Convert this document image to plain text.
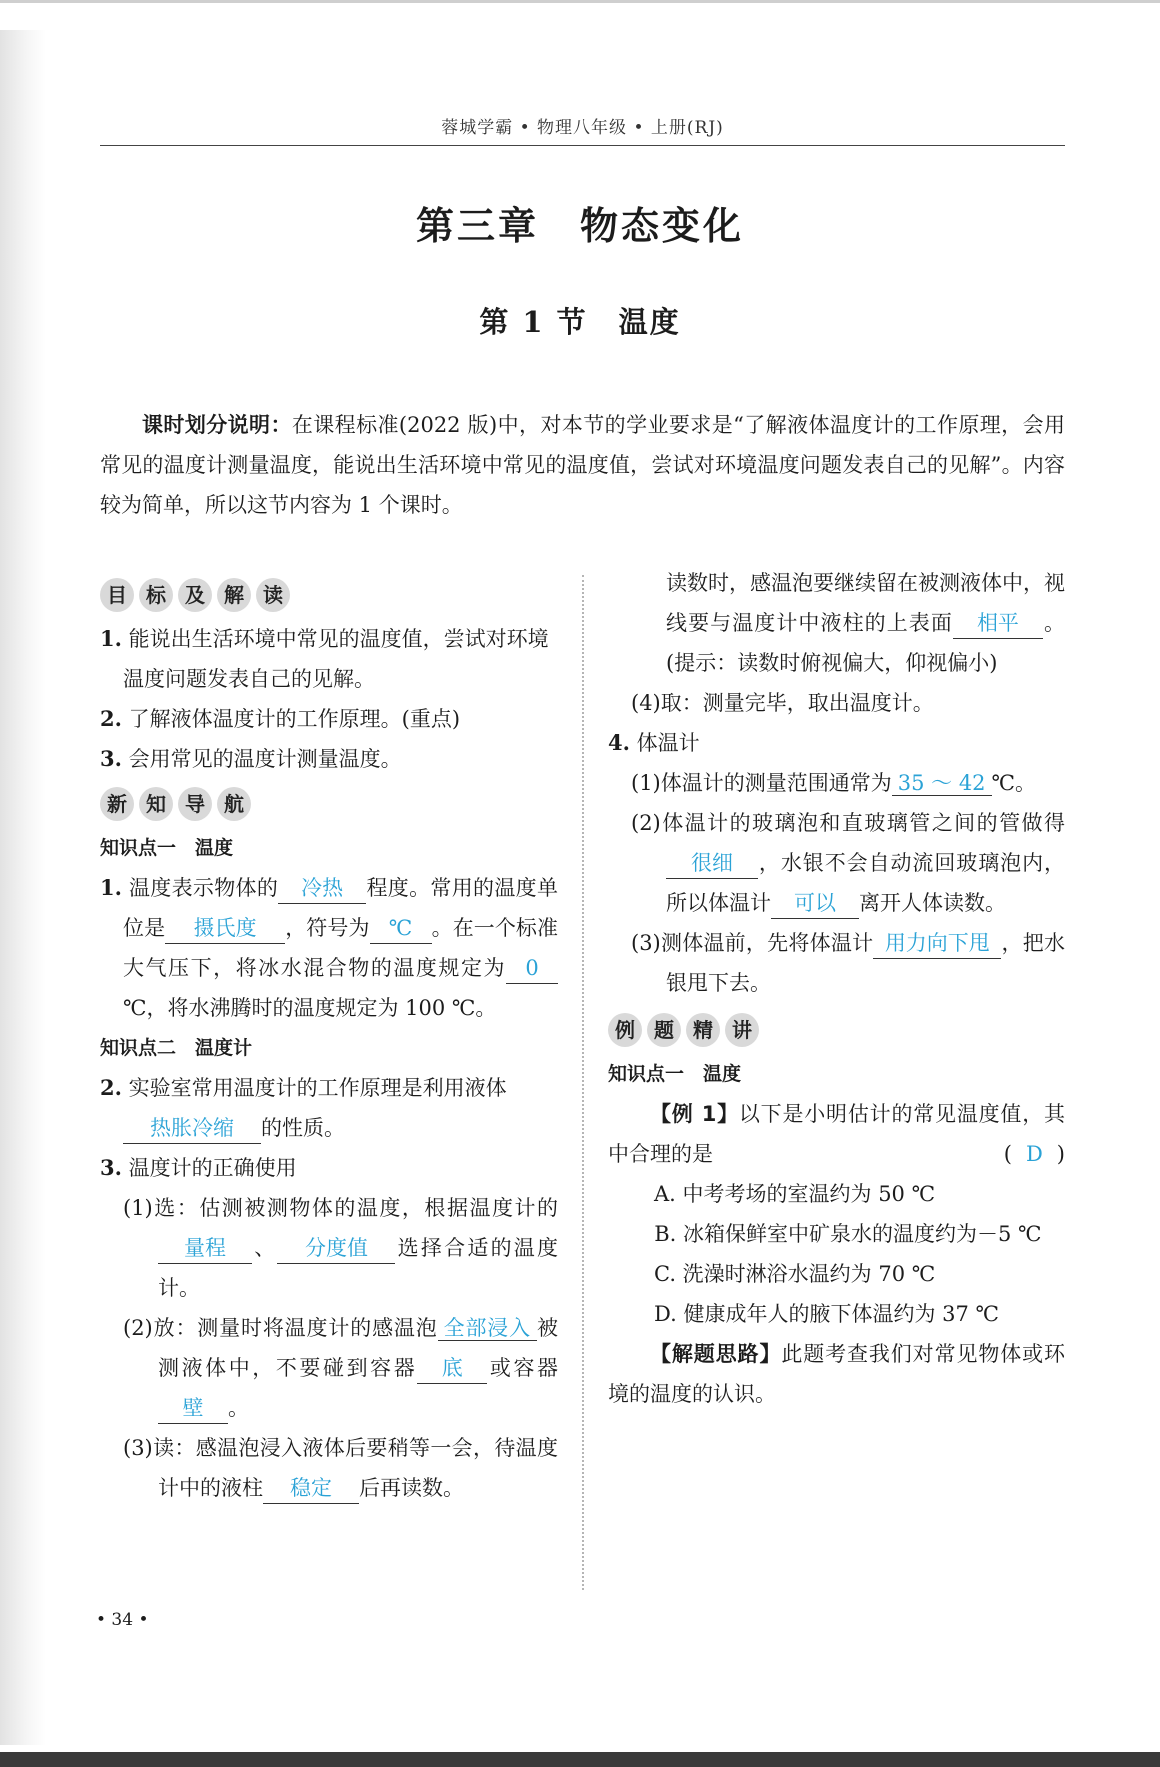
蓉城学霸 • 物理八年级 • 上册(RJ)
第三章　物态变化
第 1 节　温度
课时划分说明：在课程标准(2022 版)中，对本节的学业要求是“了解液体温度计的工作原理，会用常见的温度计测量温度，能说出生活环境中常见的温度值，尝试对环境温度问题发表自己的见解”。内容较为简单，所以这节内容为 1 个课时。
目 标 及 解 读

1. 能说出生活环境中常见的温度值，尝试对环境温度问题发表自己的见解。

2. 了解液体温度计的工作原理。(重点)

3. 会用常见的温度计测量温度。

新 知 导 航

知识点一　温度

1. 温度表示物体的 冷热 程度。常用的温度单位是 摄氏度 ，符号为 ℃ 。在一个标准大气压下，将冰水混合物的温度规定为 0℃，将水沸腾时的温度规定为 100 ℃。

知识点二　温度计

2. 实验室常用温度计的工作原理是利用液体热胀冷缩 的性质。

3. 温度计的正确使用

(1)选：估测被测物体的温度，根据温度计的量程 、 分度值 选择合适的温度计。

(2)放：测量时将温度计的感温泡 全部浸入 被测液体中，不要碰到容器 底 或容器壁 。

(3)读：感温泡浸入液体后要稍等一会，待温度计中的液柱 稳定 后再读数。

读数时，感温泡要继续留在被测液体中，视线要与温度计中液柱的上表面 相平 。(提示：读数时俯视偏大，仰视偏小)

(4)取：测量完毕，取出温度计。

4. 体温计

(1)体温计的测量范围通常为 35 ～ 42 ℃。

(2)体温计的玻璃泡和直玻璃管之间的管做得很细 ，水银不会自动流回玻璃泡内，所以体温计 可以 离开人体读数。

(3)测体温前，先将体温计 用力向下甩 ，把水银甩下去。

例 题 精 讲

知识点一　温度

【例 1】以下是小明估计的常见温度值，其中合理的是	( D )

A. 中考考场的室温约为 50 ℃

B. 冰箱保鲜室中矿泉水的温度约为－5 ℃

C. 洗澡时淋浴水温约为 70 ℃

D. 健康成年人的腋下体温约为 37 ℃

【解题思路】此题考查我们对常见物体或环境的温度的认识。

• 34 •
